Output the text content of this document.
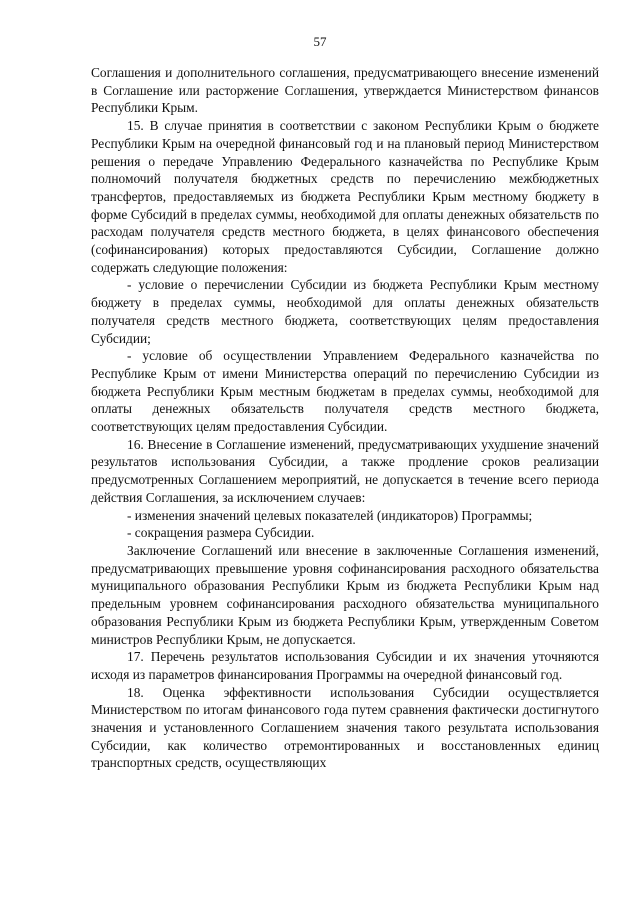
57

Соглашения и дополнительного соглашения, предусматривающего внесение изменений в Соглашение или расторжение Соглашения, утверждается Министерством финансов Республики Крым.

15. В случае принятия в соответствии с законом Республики Крым о бюджете Республики Крым на очередной финансовый год и на плановый период Министерством решения о передаче Управлению Федерального казначейства по Республике Крым полномочий получателя бюджетных средств по перечислению межбюджетных трансфертов, предоставляемых из бюджета Республики Крым местному бюджету в форме Субсидий в пределах суммы, необходимой для оплаты денежных обязательств по расходам получателя средств местного бюджета, в целях финансового обеспечения (софинансирования) которых предоставляются Субсидии, Соглашение должно содержать следующие положения:

- условие о перечислении Субсидии из бюджета Республики Крым местному бюджету в пределах суммы, необходимой для оплаты денежных обязательств получателя средств местного бюджета, соответствующих целям предоставления Субсидии;

- условие об осуществлении Управлением Федерального казначейства по Республике Крым от имени Министерства операций по перечислению Субсидии из бюджета Республики Крым местным бюджетам в пределах суммы, необходимой для оплаты денежных обязательств получателя средств местного бюджета, соответствующих целям предоставления Субсидии.

16. Внесение в Соглашение изменений, предусматривающих ухудшение значений результатов использования Субсидии, а также продление сроков реализации предусмотренных Соглашением мероприятий, не допускается в течение всего периода действия Соглашения, за исключением случаев:

- изменения значений целевых показателей (индикаторов) Программы;

- сокращения размера Субсидии.

Заключение Соглашений или внесение в заключенные Соглашения изменений, предусматривающих превышение уровня софинансирования расходного обязательства муниципального образования Республики Крым из бюджета Республики Крым над предельным уровнем софинансирования расходного обязательства муниципального образования Республики Крым из бюджета Республики Крым, утвержденным Советом министров Республики Крым, не допускается.

17. Перечень результатов использования Субсидии и их значения уточняются исходя из параметров финансирования Программы на очередной финансовый год.

18. Оценка эффективности использования Субсидии осуществляется Министерством по итогам финансового года путем сравнения фактически достигнутого значения и установленного Соглашением значения такого результата использования Субсидии, как количество отремонтированных и восстановленных единиц транспортных средств, осуществляющих
